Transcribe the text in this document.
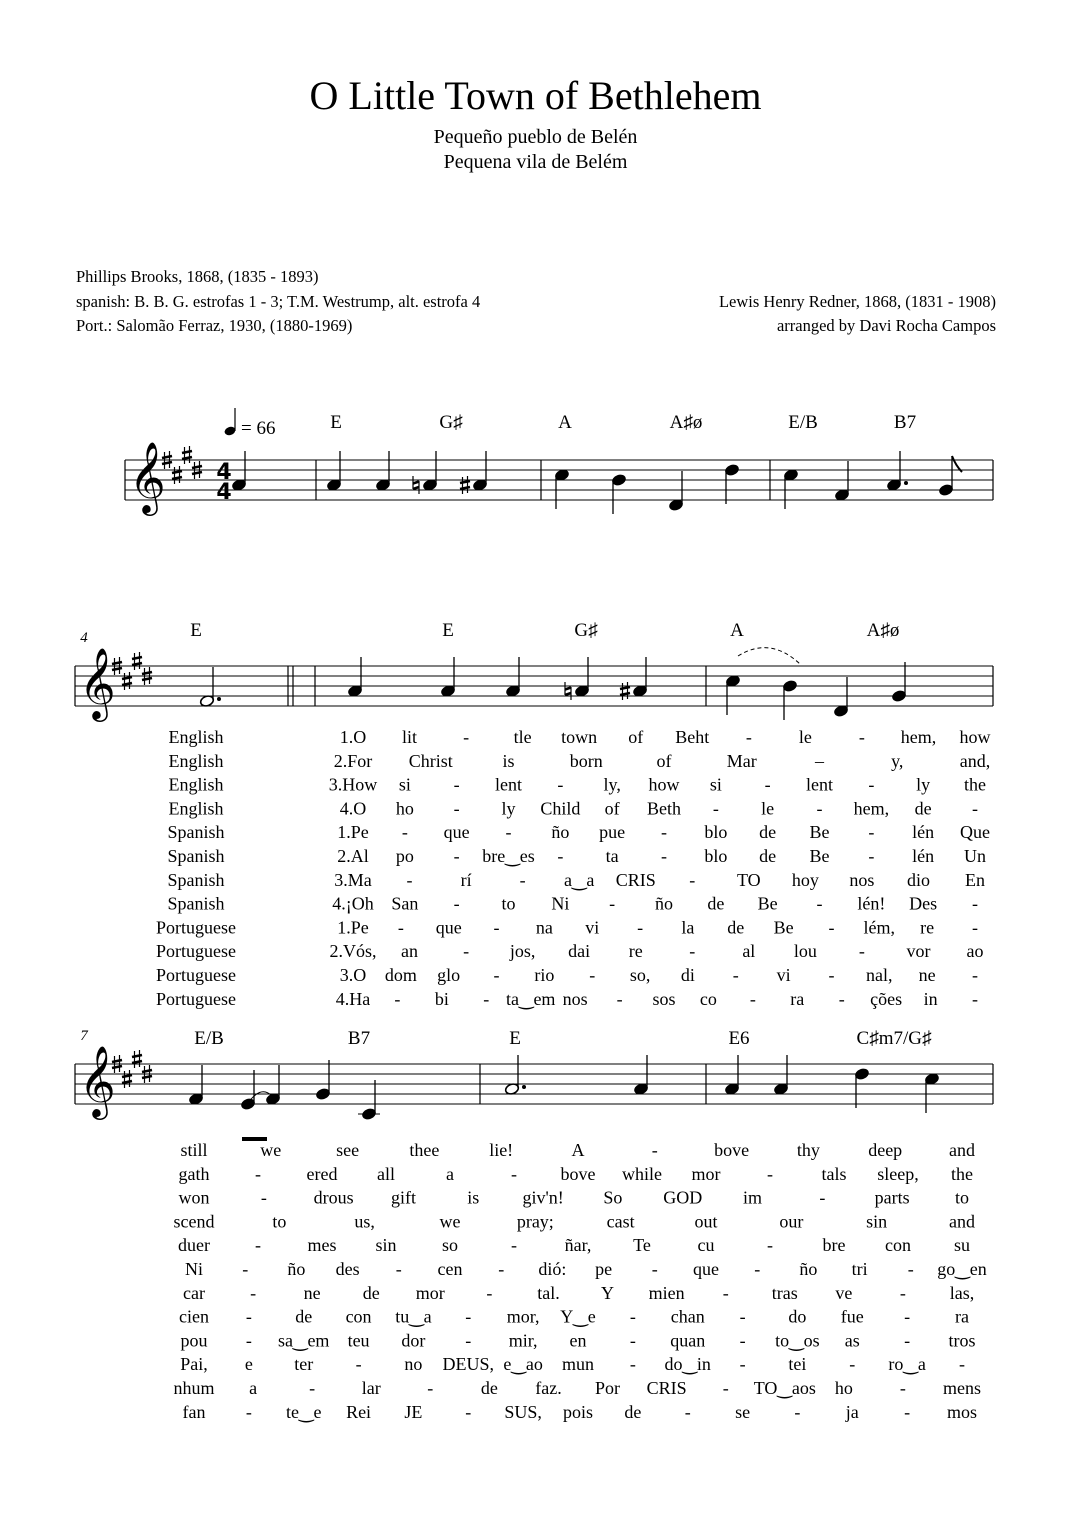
O Little Town of Bethlehem
Pequeño pueblo de Belén
Pequena vila de Belém
Phillips Brooks, 1868, (1835 - 1893)
spanish: B. B. G. estrofas 1 - 3; T.M. Westrump, alt. estrofa 4
Port.: Salomão Ferraz, 1930, (1880-1969)
Lewis Henry Redner, 1868, (1831 - 1908)
arranged by Davi Rocha Campos
𝄞 4
4
𝄞
𝄞
= 66	E	G♯	A	A♯ø	E/B	B7
E	E	G♯	A	A♯ø
4
E/B	B7	E	E6	C♯m7/G♯
7
English	1.O lit	- tle town of Beht -	le	- hem, how
English	2.For Christ	is	born	of	Mar	–	y,	and,
English	3.How si - lent - ly, how si - lent - ly the
English	4.O ho - ly Child of Beth - le - hem, de -
Spanish	1.Pe - que - ño pue - blo de Be - lén Que
Spanish	2.Al po - bre‿es - ta - blo de Be - lén Un
Spanish	3.Ma -	rí	- a‿a CRIS - TO hoy nos dio En
Spanish	4.¡Oh San - to Ni - ño de Be - lén! Des -
Portuguese	1.Pe - que - na vi - la de Be - lém, re -
Portuguese	2.Vós, an	- jos, dai re	-	al lou - vor ao
Portuguese	3.O dom glo - rio - so, di - vi - nal, ne -
Portuguese	4.Ha - bi - ta‿em nos - sos co - ra - ções in -
still	we	see	thee	lie!	A	-	bove	thy	deep	and
gath	-	ered all	a	- bove while mor	-	tals sleep, the
won	-	drous gift	is giv'n! So GOD im	-	parts	to
scend	to	us,	we	pray;	cast	out	our	sin	and
duer	-	mes sin	so	-	ñar, Te	cu	-	bre con su
Ni - ño des - cen - dió: pe - que - ño tri - go‿en
car	-	ne de mor - tal. Y mien - tras ve	- las,
cien - de con tu‿a - mor, Y‿e - chan - do fue - ra
pou - sa‿em teu dor - mir, en - quan - to‿os as - tros
Pai, e ter - no DEUS, e‿ao mun - do‿in - tei - ro‿a -
nhum a	-	lar	-	de faz. Por CRIS - TO‿aos ho	- mens
fan - te‿e Rei JE - SUS, pois de - se -	ja	- mos
